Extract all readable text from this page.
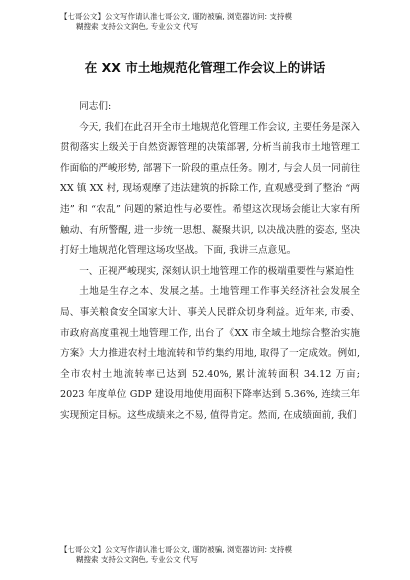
【七哥公文】公文写作请认准七哥公文, 谨防被骗, 浏览器访问: 支持模
糊搜索 支持公文润色, 专业公文 代写
在 XX 市土地规范化管理工作会议上的讲话

同志们:

今天, 我们在此召开全市土地规范化管理工作会议, 主要任务是深入贯彻落实上级关于自然资源管理的决策部署, 分析当前我市土地管理工作面临的严峻形势, 部署下一阶段的重点任务。刚才, 与会人员一同前往 XX 镇 XX 村, 现场观摩了违法建筑的拆除工作, 直观感受到了整治 “两违” 和 “农乱” 问题的紧迫性与必要性。希望这次现场会能让大家有所触动、有所警醒, 进一步统一思想、凝聚共识, 以决战决胜的姿态, 坚决打好土地规范化管理这场攻坚战。下面, 我讲三点意见。

一、正视严峻现实, 深刻认识土地管理工作的极端重要性与紧迫性

土地是生存之本、发展之基。土地管理工作事关经济社会发展全局、事关粮食安全国家大计、事关人民群众切身利益。近年来, 市委、市政府高度重视土地管理工作, 出台了《XX 市全域土地综合整治实施方案》大力推进农村土地流转和节约集约用地, 取得了一定成效。例如, 全市农村土地流转率已达到 52.40%, 累计流转面积 34.12 万亩; 2023 年度单位 GDP 建设用地使用面积下降率达到 5.36%, 连续三年实现预定目标。这些成绩来之不易, 值得肯定。然而, 在成绩面前, 我们

【七哥公文】公文写作请认准七哥公文, 谨防被骗, 浏览器访问: 支持模
糊搜索 支持公文润色, 专业公文 代写
